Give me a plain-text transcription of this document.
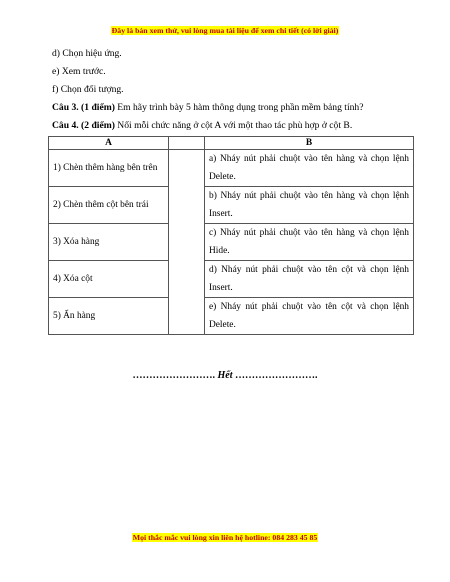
Đây là bản xem thử, vui lòng mua tài liệu để xem chi tiết (có lời giải)
d) Chọn hiệu ứng.
e) Xem trước.
f) Chọn đối tượng.
Câu 3. (1 điểm) Em hãy trình bày 5 hàm thông dụng trong phần mềm bảng tính?
Câu 4. (2 điểm) Nối mỗi chức năng ở cột A với một thao tác phù hợp ở cột B.
A		B
1) Chèn thêm hàng bên trên		a) Nháy nút phải chuột vào tên hàng và chọn lệnh Delete.
2) Chèn thêm cột bên trái		b) Nháy nút phải chuột vào tên hàng và chọn lệnh Insert.
3) Xóa hàng		c) Nháy nút phải chuột vào tên hàng và chọn lệnh Hide.
4) Xóa cột		d) Nháy nút phải chuột vào tên cột và chọn lệnh Insert.
5) Ẩn hàng		e) Nháy nút phải chuột vào tên cột và chọn lệnh Delete.
……………………. Hết …………………….
Mọi thắc mắc vui lòng xin liên hệ hotline: 084 283 45 85
